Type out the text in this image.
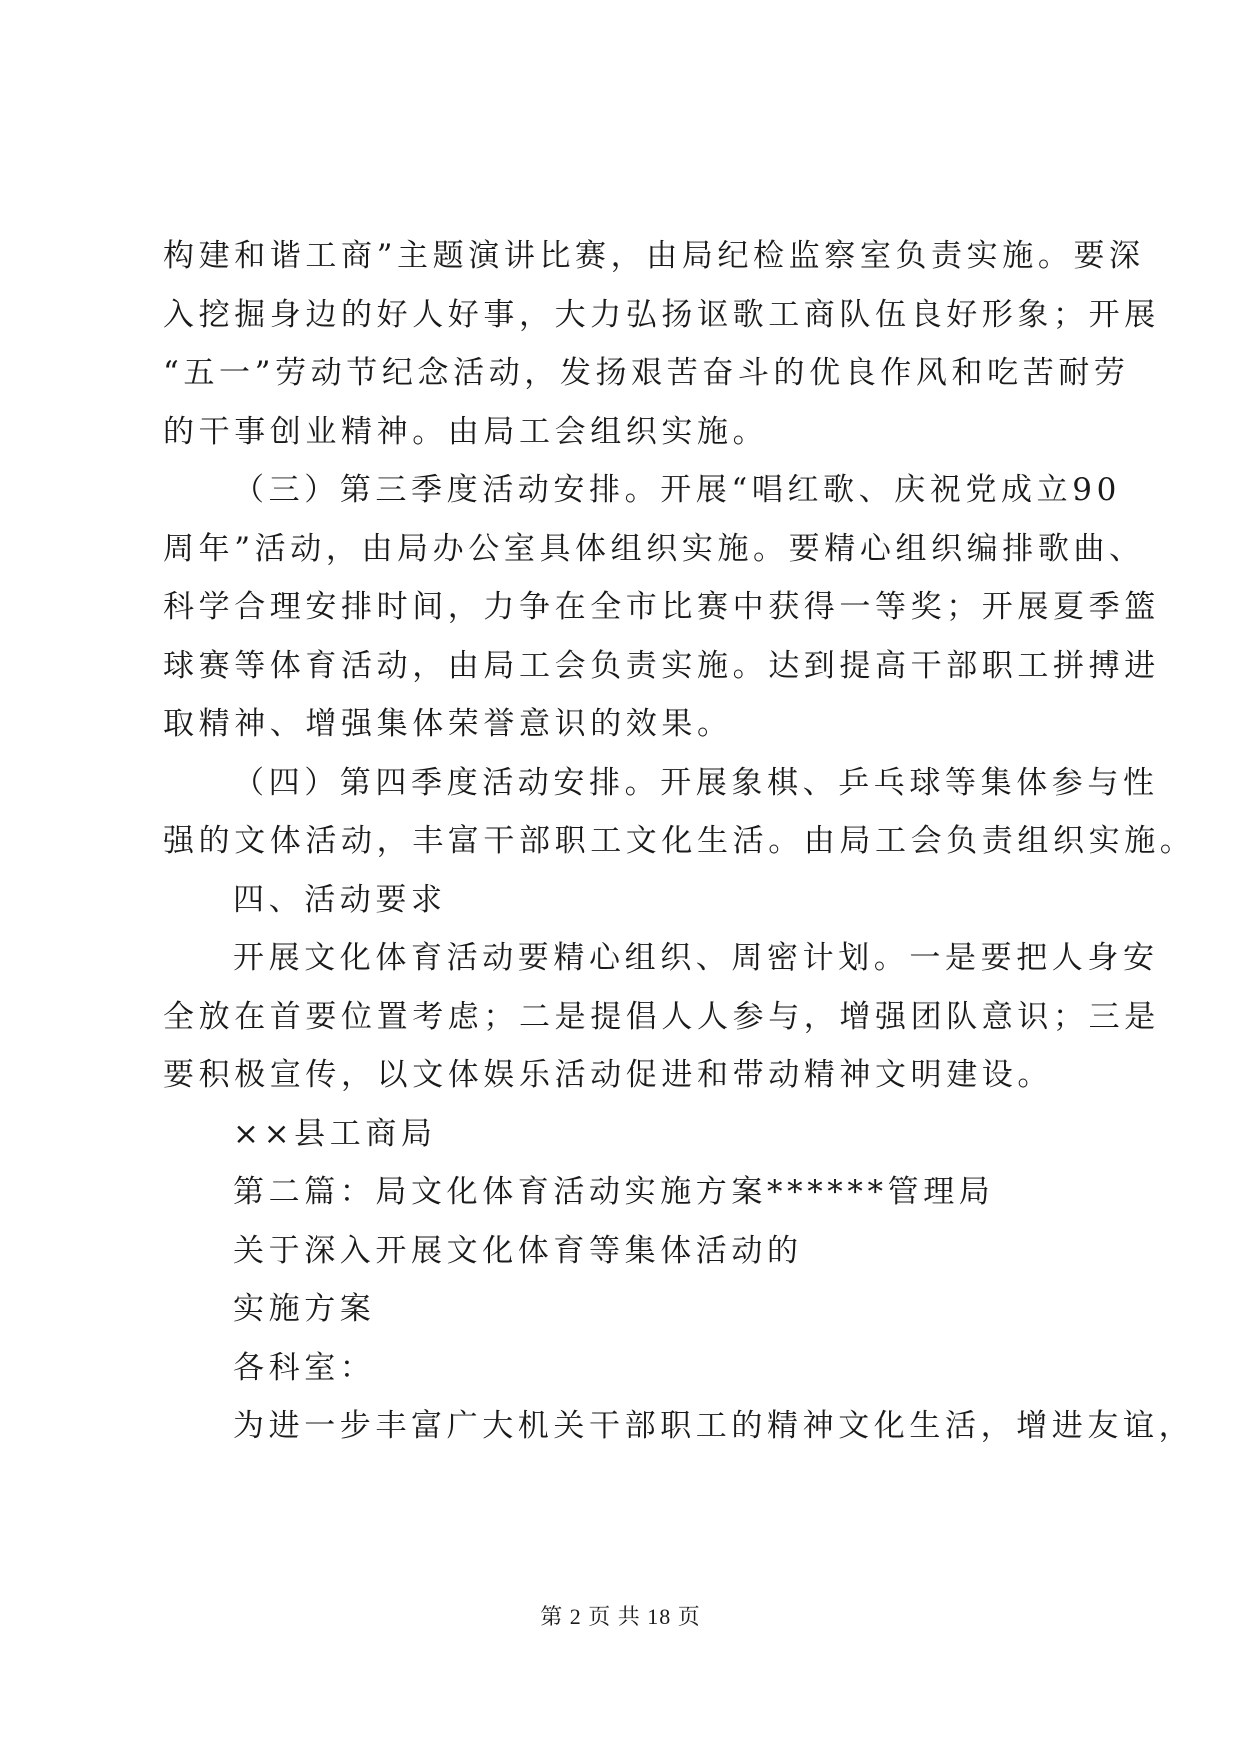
构建和谐工商”主题演讲比赛，由局纪检监察室负责实施。要深
入挖掘身边的好人好事，大力弘扬讴歌工商队伍良好形象；开展
“五一”劳动节纪念活动，发扬艰苦奋斗的优良作风和吃苦耐劳
的干事创业精神。由局工会组织实施。
（三）第三季度活动安排。开展“唱红歌、庆祝党成立90
周年”活动，由局办公室具体组织实施。要精心组织编排歌曲、
科学合理安排时间，力争在全市比赛中获得一等奖；开展夏季篮
球赛等体育活动，由局工会负责实施。达到提高干部职工拼搏进
取精神、增强集体荣誉意识的效果。
（四）第四季度活动安排。开展象棋、乒乓球等集体参与性
强的文体活动，丰富干部职工文化生活。由局工会负责组织实施。
四、活动要求
开展文化体育活动要精心组织、周密计划。一是要把人身安
全放在首要位置考虑；二是提倡人人参与，增强团队意识；三是
要积极宣传，以文体娱乐活动促进和带动精神文明建设。
××县工商局
第二篇：局文化体育活动实施方案******管理局
关于深入开展文化体育等集体活动的
实施方案
各科室：
为进一步丰富广大机关干部职工的精神文化生活，增进友谊，
第 2 页 共 18 页
